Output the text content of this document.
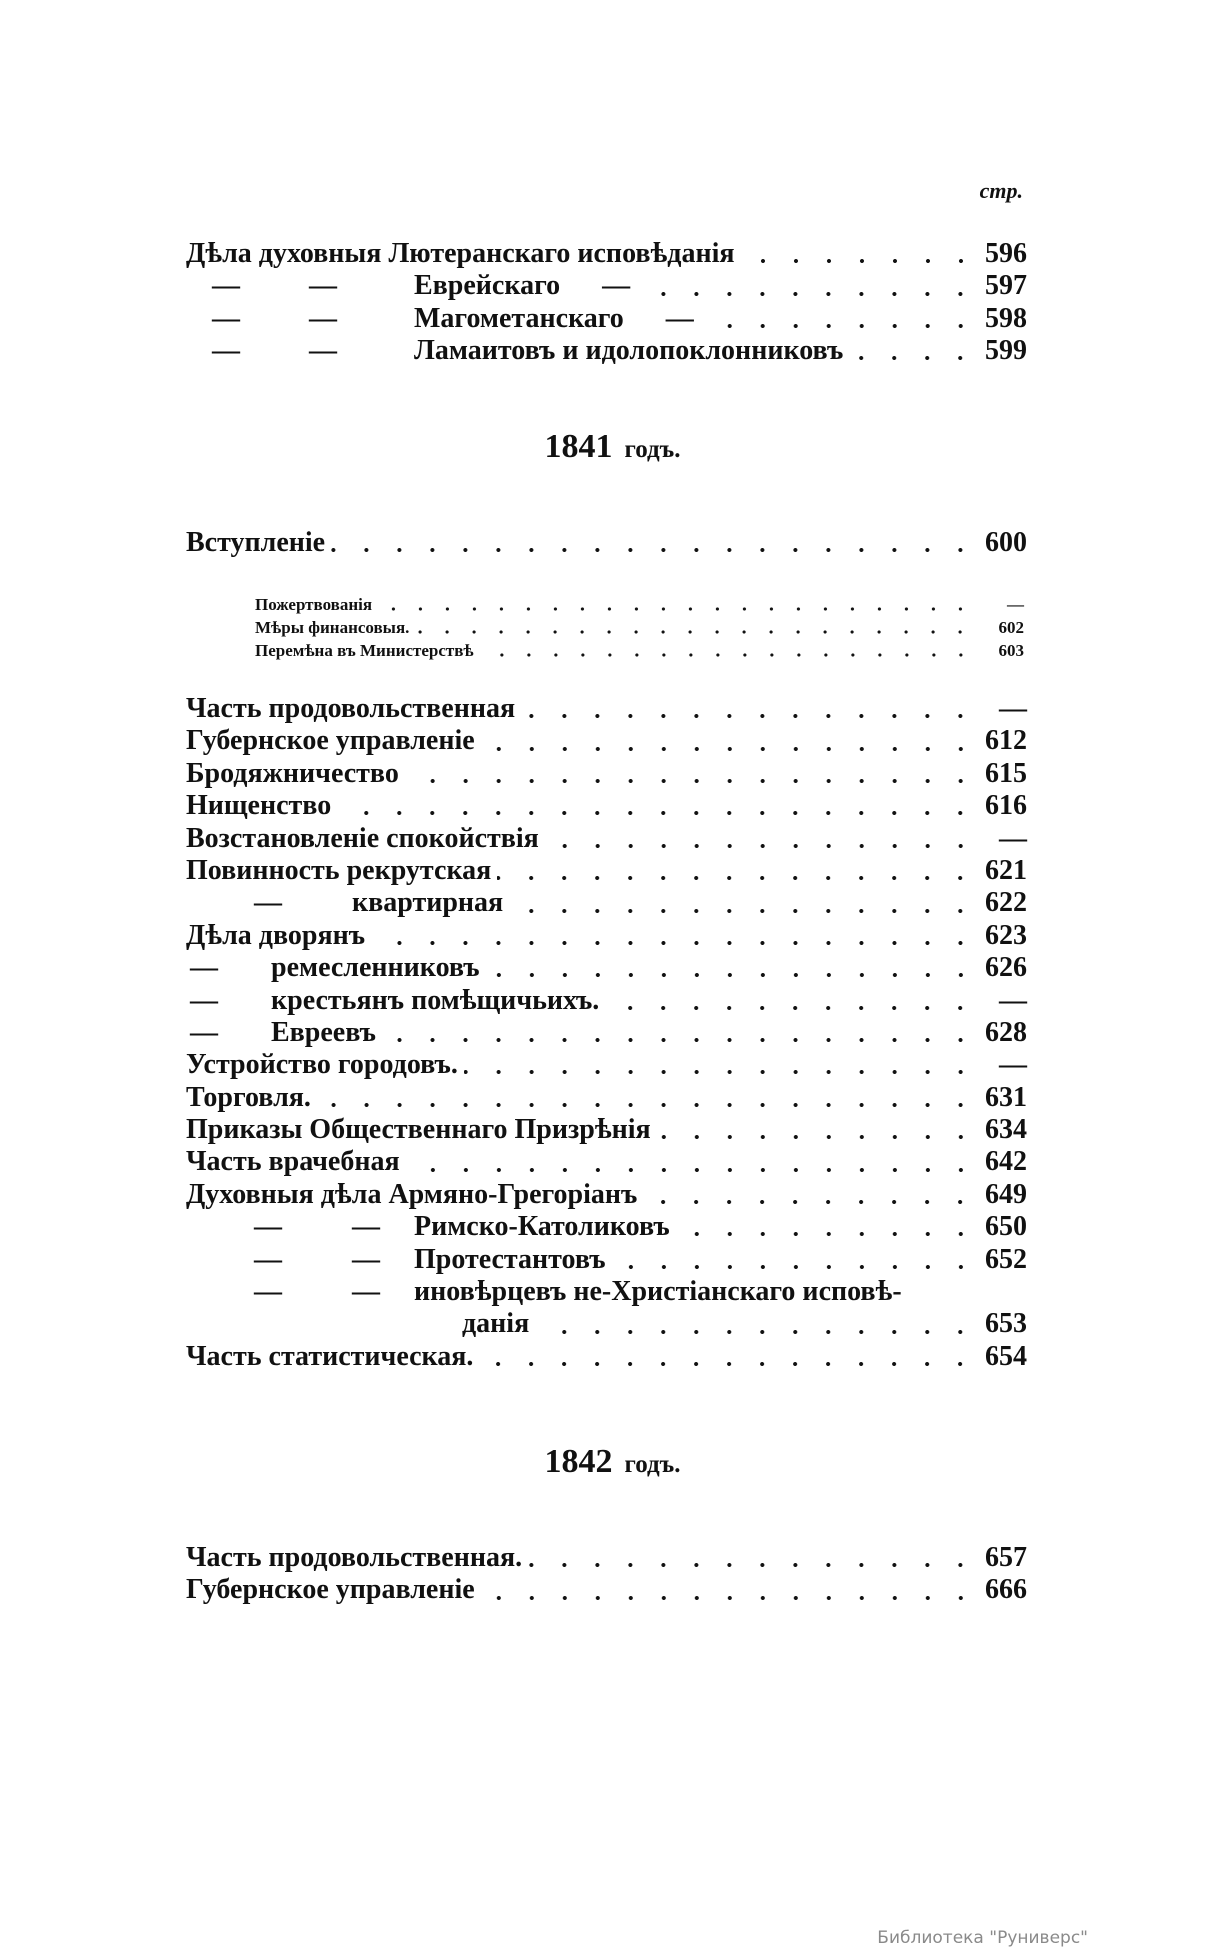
стр.
Дѣла духовныя Лютеранскаго исповѣданія	596
— —	Еврейскаго      —	597
— —	Магометанскаго      —	598
— —	Ламаитовъ и идолопоклонниковъ	599
1841 годъ.
Вступленіе	600
Пожертвованія	—
Мѣры финансовыя.	602
Перемѣна въ Министерствѣ	603
Часть продовольственная	—
Губернское управленіе	612
Бродяжничество	615
Нищенство	616
Возстановленіе спокойствія	—
Повинность рекрутская	621
—	квартирная	622
Дѣла дворянъ	623
— ремесленниковъ	626
— крестьянъ помѣщичьихъ.	—
— Евреевъ	628
Устройство городовъ.	—
Торговля.	631
Приказы Общественнаго Призрѣнія	634
Часть врачебная	642
Духовныя дѣла Армяно-Грегоріанъ	649
—	— Римско-Католиковъ	650
—	— Протестантовъ	652
—	— иновѣрцевъ не-Христіанскаго исповѣ-
данія	653
Часть статистическая.	654
1842 годъ.
Часть продовольственная.	657
Губернское управленіе	666
Библиотека "Руниверс"
